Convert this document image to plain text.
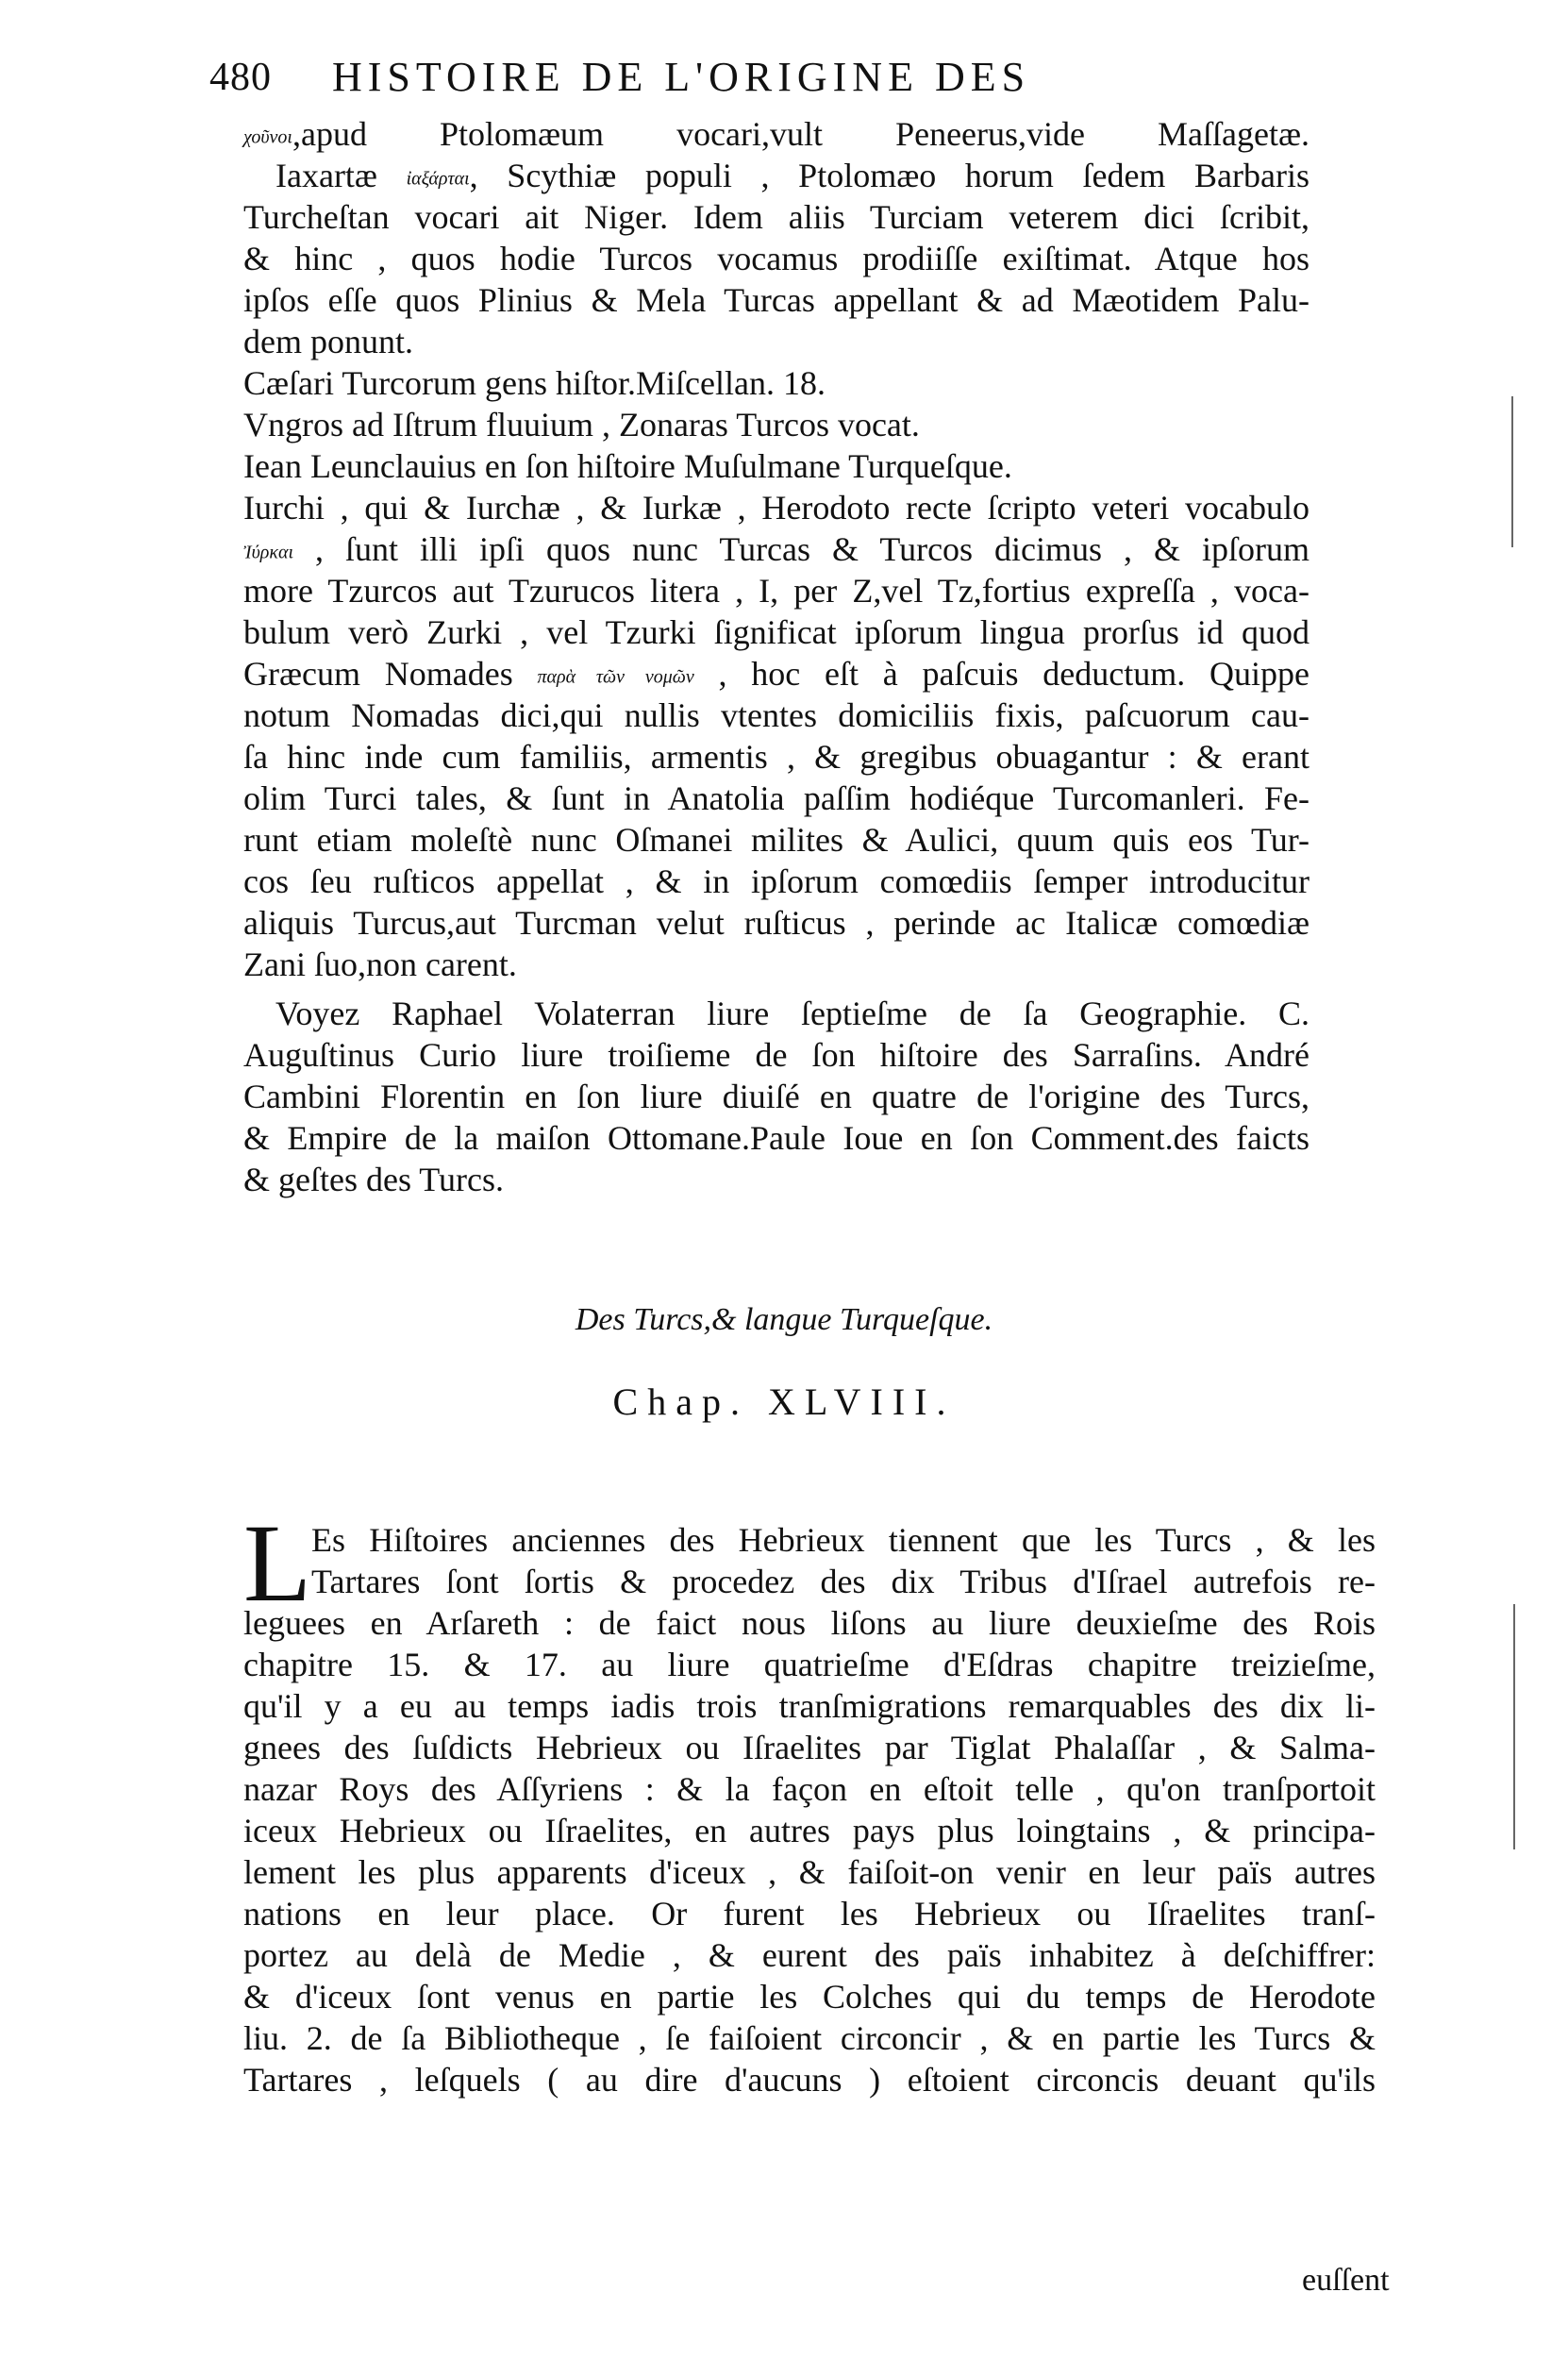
480 HISTOIRE DE L'ORIGINE DES
χοῦνοι,apud Ptolomæum vocari,vult Peneerus,vide Maſſagetæ.
Iaxartæ ἰαξάρται, Scythiæ populi , Ptolomæo horum ſedem Barbaris
Turcheſtan vocari ait Niger. Idem aliis Turciam veterem dici ſcribit,
& hinc , quos hodie Turcos vocamus prodiiſſe exiſtimat. Atque hos
ipſos eſſe quos Plinius & Mela Turcas appellant & ad Mæotidem Palu-
dem ponunt.
Cæſari Turcorum gens hiſtor.Miſcellan. 18.
Vngros ad Iſtrum fluuium , Zonaras Turcos vocat.
Iean Leunclauius en ſon hiſtoire Muſulmane Turqueſque.
Iurchi , qui & Iurchæ , & Iurkæ , Herodoto recte ſcripto veteri vocabulo
Ἰύρκαι , ſunt illi ipſi quos nunc Turcas & Turcos dicimus , & ipſorum
more Tzurcos aut Tzurucos litera , I, per Z,vel Tz,fortius expreſſa , voca-
bulum verò Zurki , vel Tzurki ſignificat ipſorum lingua prorſus id quod
Græcum Nomades παρὰ τῶν νομῶν , hoc eſt à paſcuis deductum. Quippe
notum Nomadas dici,qui nullis vtentes domiciliis fixis, paſcuorum cau-
ſa hinc inde cum familiis, armentis , & gregibus obuagantur : & erant
olim Turci tales, & ſunt in Anatolia paſſim hodiéque Turcomanleri. Fe-
runt etiam moleſtè nunc Oſmanei milites & Aulici, quum quis eos Tur-
cos ſeu ruſticos appellat , & in ipſorum comœdiis ſemper introducitur
aliquis Turcus,aut Turcman velut ruſticus , perinde ac Italicæ comœdiæ
Zani ſuo,non carent.
Voyez Raphael Volaterran liure ſeptieſme de ſa Geographie. C.
Auguſtinus Curio liure troiſieme de ſon hiſtoire des Sarraſins. André
Cambini Florentin en ſon liure diuiſé en quatre de l'origine des Turcs,
& Empire de la maiſon Ottomane.Paule Ioue en ſon Comment.des faicts
& geſtes des Turcs.
Des Turcs,& langue Turqueſque.
Chap. XLVIII.
L Es Hiſtoires anciennes des Hebrieux tiennent que les Turcs , & les
Tartares ſont ſortis & procedez des dix Tribus d'Iſrael autrefois re-
leguees en Arſareth : de faict nous liſons au liure deuxieſme des Rois
chapitre 15. & 17. au liure quatrieſme d'Eſdras chapitre treizieſme,
qu'il y a eu au temps iadis trois tranſmigrations remarquables des dix li-
gnees des ſuſdicts Hebrieux ou Iſraelites par Tiglat Phalaſſar , & Salma-
nazar Roys des Aſſyriens : & la façon en eſtoit telle , qu'on tranſportoit
iceux Hebrieux ou Iſraelites, en autres pays plus loingtains , & principa-
lement les plus apparents d'iceux , & faiſoit-on venir en leur païs autres
nations en leur place. Or furent les Hebrieux ou Iſraelites tranſ-
portez au delà de Medie , & eurent des païs inhabitez à deſchiffrer:
& d'iceux ſont venus en partie les Colches qui du temps de Herodote
liu. 2. de ſa Bibliotheque , ſe faiſoient circoncir , & en partie les Turcs &
Tartares , leſquels ( au dire d'aucuns ) eſtoient circoncis deuant qu'ils
euſſent
